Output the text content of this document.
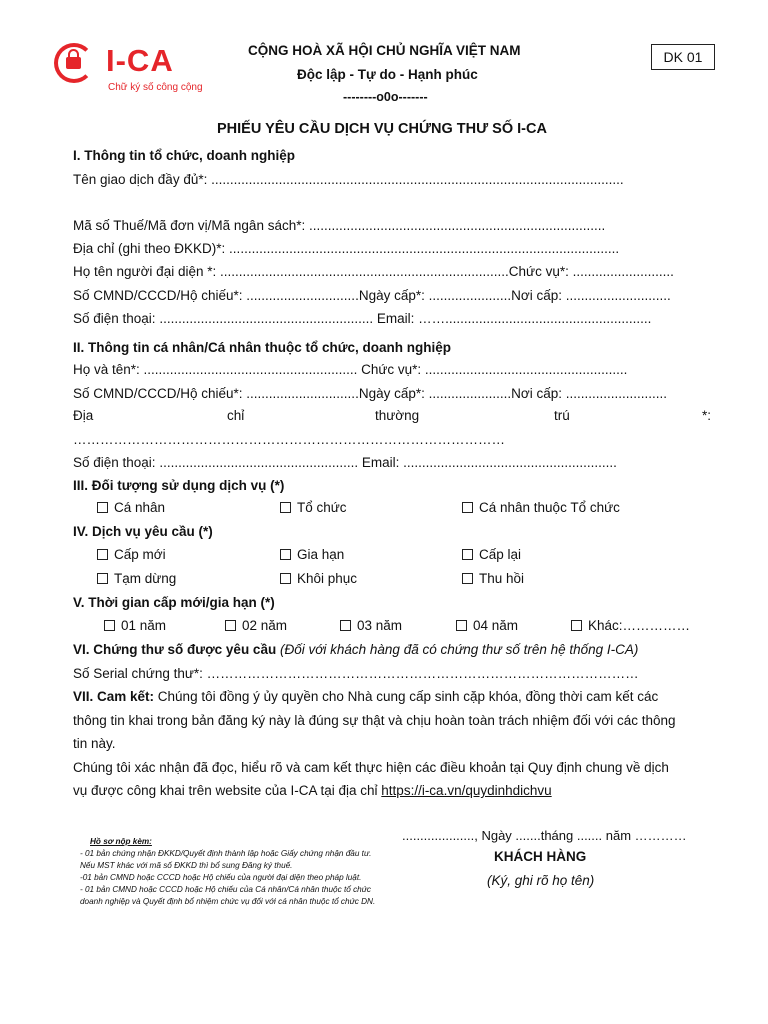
I-CA
Chữ ký số công cộng
CỘNG HOÀ XÃ HỘI CHỦ NGHĨA VIỆT NAM
Độc lập - Tự do - Hạnh phúc
--------o0o-------
DK 01
PHIẾU YÊU CẦU DỊCH VỤ CHỨNG THƯ SỐ I-CA
I. Thông tin tổ chức, doanh nghiệp
Tên giao dịch đầy đủ*: ..............................................................................................................
Mã số Thuế/Mã đơn vị/Mã ngân sách*: ...............................................................................
Địa chỉ (ghi theo ĐKKD)*: ........................................................................................................
Họ tên người đại diện *: .............................................................................Chức vụ*: ...........................
Số CMND/CCCD/Hộ chiếu*: ..............................Ngày cấp*: ......................Nơi cấp: ............................
Số điện thoại: ......................................................... Email: …….......................................................
II. Thông tin cá nhân/Cá nhân thuộc tổ chức, doanh nghiệp
Họ và tên*: ......................................................... Chức vụ*: ......................................................
Số CMND/CCCD/Hộ chiếu*: ..............................Ngày cấp*: ......................Nơi cấp: ...........................
Địa	chỉ	thường	trú	*:
……………………………………………………………………………………
Số điện thoại: ..................................................... Email: .........................................................
III. Đối tượng sử dụng dịch vụ (*)
Cá nhân	Tổ chức	Cá nhân thuộc Tổ chức
IV. Dịch vụ yêu cầu (*)
Cấp mới	Gia hạn	Cấp lại
Tạm dừng	Khôi phục	Thu hồi
V. Thời gian cấp mới/gia hạn (*)
01 năm	02 năm	03 năm	04 năm	Khác:……………
VI. Chứng thư số được yêu cầu (Đối với khách hàng đã có chứng thư số trên hệ thống I-CA)
Số Serial chứng thư*: ……………………………………………………………………………………
VII. Cam kết: Chúng tôi đồng ý ủy quyền cho Nhà cung cấp sinh cặp khóa, đồng thời cam kết các
thông tin khai trong bản đăng ký này là đúng sự thật và chịu hoàn toàn trách nhiệm đối với các thông
tin này.
Chúng tôi xác nhận đã đọc, hiểu rõ và cam kết thực hiện các điều khoản tại Quy định chung về dịch
vụ được công khai trên website của I-CA tại địa chỉ https://i-ca.vn/quydinhdichvu
Hồ sơ nộp kèm:
- 01 bản chứng nhận ĐKKD/Quyết định thành lập hoặc Giấy chứng nhận đầu tư. Nếu MST khác với mã số ĐKKD thì bổ sung Đăng ký thuế.
-01 bản CMND hoặc CCCD hoặc Hộ chiếu của người đại diện theo pháp luật.
- 01 bản CMND hoặc CCCD hoặc Hộ chiếu của Cá nhân/Cá nhân thuộc tổ chức doanh nghiệp và Quyết định bổ nhiệm chức vụ đối với cá nhân thuộc tổ chức DN.
...................., Ngày .......tháng ....... năm …………
KHÁCH HÀNG
(Ký, ghi rõ họ tên)
